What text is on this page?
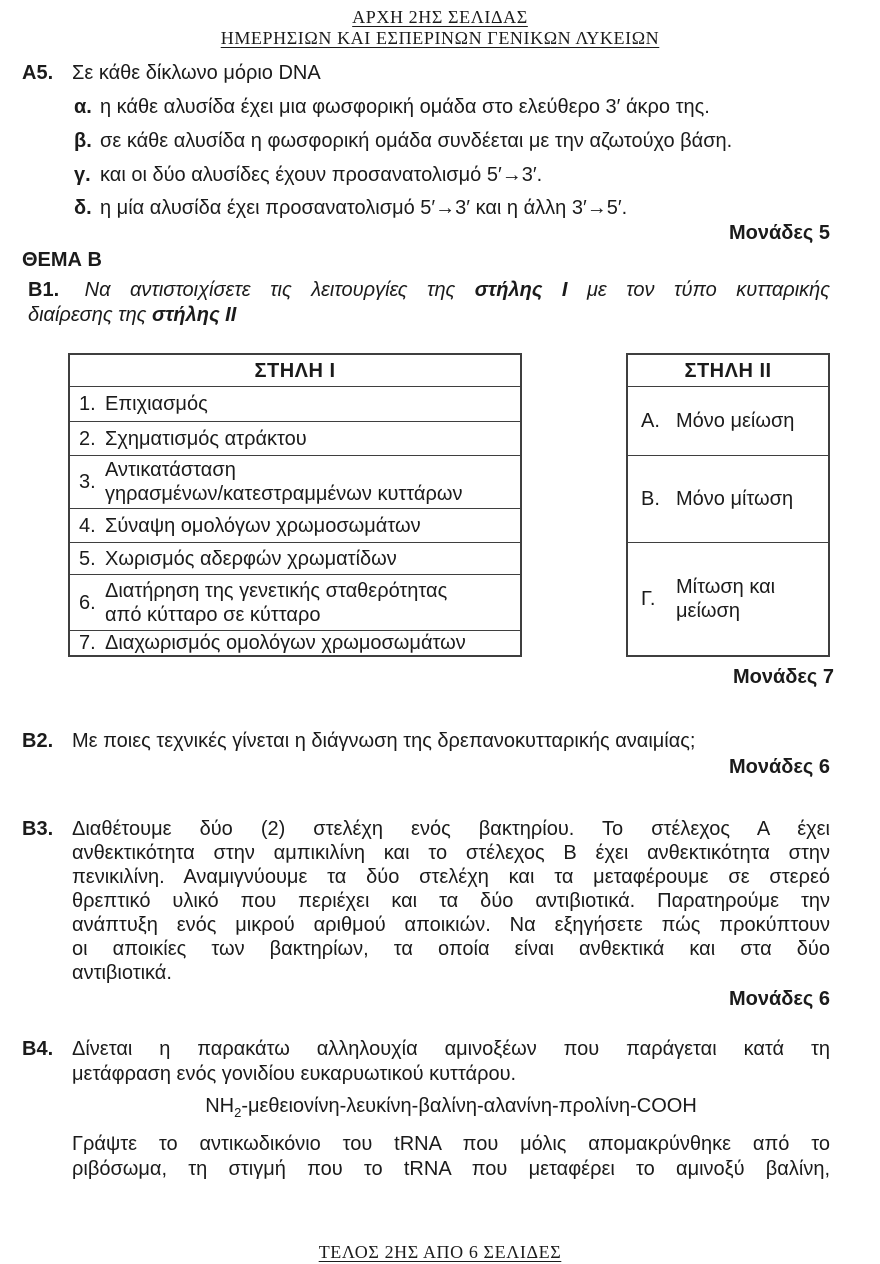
ΑΡΧΗ 2ΗΣ ΣΕΛΙΔΑΣ
ΗΜΕΡΗΣΙΩΝ ΚΑΙ ΕΣΠΕΡΙΝΩΝ ΓΕΝΙΚΩΝ ΛΥΚΕΙΩΝ
Α5. Σε κάθε δίκλωνο μόριο DNA
α. η κάθε αλυσίδα έχει μια φωσφορική ομάδα στο ελεύθερο 3′ άκρο της.
β. σε κάθε αλυσίδα η φωσφορική ομάδα συνδέεται με την αζωτούχο βάση.
γ. και οι δύο αλυσίδες έχουν προσανατολισμό 5′→3′.
δ. η μία αλυσίδα έχει προσανατολισμό 5′→3′ και η άλλη 3′→5′.
Μονάδες 5
ΘΕΜΑ Β
Β1. Να αντιστοιχίσετε τις λειτουργίες της στήλης Ι με τον τύπο κυτταρικής
διαίρεσης της στήλης ΙΙ
ΣΤΗΛΗ Ι
1. Επιχιασμός
2. Σχηματισμός ατράκτου
3.
Αντικατάσταση
γηρασμένων/κατεστραμμένων κυττάρων
4. Σύναψη ομολόγων χρωμοσωμάτων
5. Χωρισμός αδερφών χρωματίδων
6.
Διατήρηση της γενετικής σταθερότητας
από κύτταρο σε κύτταρο
7. Διαχωρισμός ομολόγων χρωμοσωμάτων
ΣΤΗΛΗ ΙΙ
Α. Μόνο μείωση
Β. Μόνο μίτωση
Γ.
Μίτωση και
μείωση
Μονάδες 7
Β2. Με ποιες τεχνικές γίνεται η διάγνωση της δρεπανοκυτταρικής αναιμίας;
Μονάδες 6
Β3. Διαθέτουμε δύο (2) στελέχη ενός βακτηρίου. Το στέλεχος Α έχει
ανθεκτικότητα στην αμπικιλίνη και το στέλεχος Β έχει ανθεκτικότητα στην
πενικιλίνη. Αναμιγνύουμε τα δύο στελέχη και τα μεταφέρουμε σε στερεό
θρεπτικό υλικό που περιέχει και τα δύο αντιβιοτικά. Παρατηρούμε την
ανάπτυξη ενός μικρού αριθμού αποικιών. Να εξηγήσετε πώς προκύπτουν
οι αποικίες των βακτηρίων, τα οποία είναι ανθεκτικά και στα δύο
αντιβιοτικά.
Μονάδες 6
Β4. Δίνεται η παρακάτω αλληλουχία αμινοξέων που παράγεται κατά τη
μετάφραση ενός γονιδίου ευκαρυωτικού κυττάρου.
$NH_2-\mu\varepsilon\theta\varepsilon\iota o\nu ί\nu\eta-\lambda\varepsilon\upsilon\kappa ί\nu\eta-\beta\alpha\lambda ί\nu\eta-\alpha\lambda\alpha\nu ί\nu\eta-\pi\rho o\lambda ί\nu\eta$-COOH
Γράψτε το αντικωδικόνιο του tRNA που μόλις απομακρύνθηκε από το
ριβόσωμα, τη στιγμή που το tRNA που μεταφέρει το αμινοξύ βαλίνη,
ΤΕΛΟΣ 2ΗΣ ΑΠΟ 6 ΣΕΛΙΔΕΣ
